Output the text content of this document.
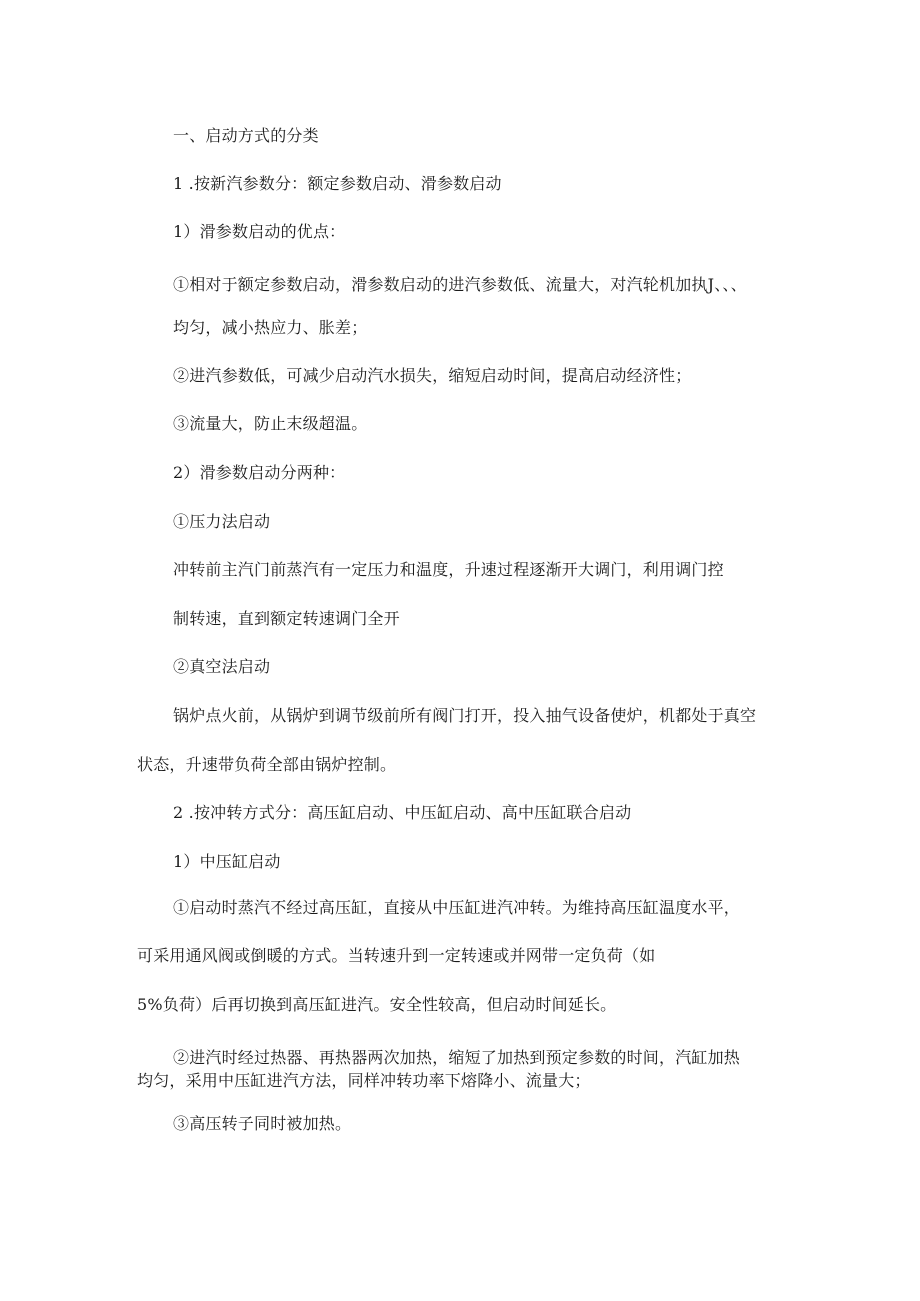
一、启动方式的分类
1 .按新汽参数分：额定参数启动、滑参数启动
1）滑参数启动的优点：
①相对于额定参数启动，滑参数启动的进汽参数低、流量大，对汽轮机加执J、、、
均匀，减小热应力、胀差；
②进汽参数低，可减少启动汽水损失，缩短启动时间，提高启动经济性；
③流量大，防止末级超温。
2）滑参数启动分两种：
①压力法启动
冲转前主汽门前蒸汽有一定压力和温度，升速过程逐渐开大调门，利用调门控
制转速，直到额定转速调门全开
②真空法启动
锅炉点火前，从锅炉到调节级前所有阀门打开，投入抽气设备使炉，机都处于真空
状态，升速带负荷全部由锅炉控制。
2 .按冲转方式分：高压缸启动、中压缸启动、高中压缸联合启动
1）中压缸启动
①启动时蒸汽不经过高压缸，直接从中压缸进汽冲转。为维持高压缸温度水平，
可采用通风阀或倒暖的方式。当转速升到一定转速或并网带一定负荷（如
5%负荷）后再切换到高压缸进汽。安全性较高，但启动时间延长。
②进汽时经过热器、再热器两次加热，缩短了加热到预定参数的时间，汽缸加热
均匀，采用中压缸进汽方法，同样冲转功率下熔降小、流量大；
③高压转子同时被加热。
